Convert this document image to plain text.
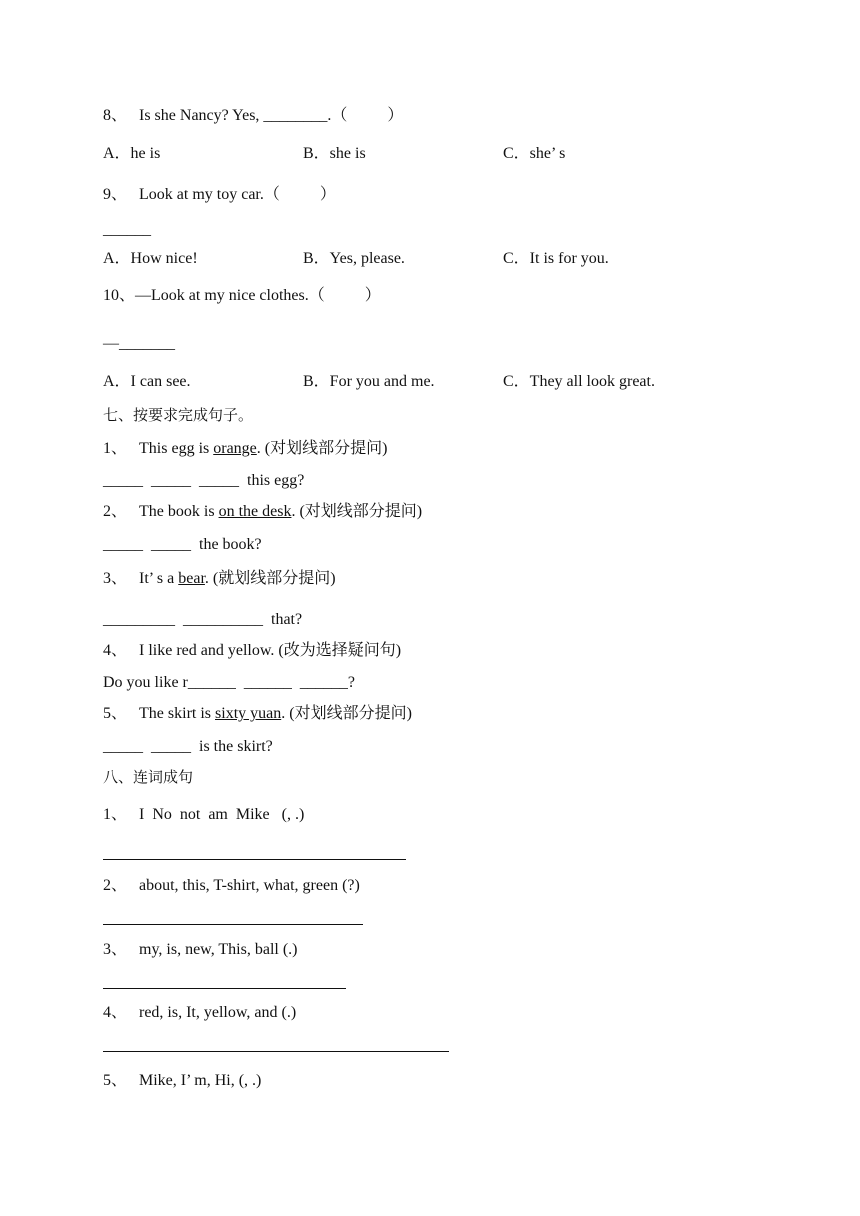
8、   Is she Nancy? Yes, ________.（          ）
A．he is	B．she is	C．she’ s
9、   Look at my toy car.（          ）
______
A．How nice!	B．Yes, please.	C．It is for you.
10、—Look at my nice clothes.（          ）
—_______
A．I can see.	B．For you and me.	C．They all look great.
七、按要求完成句子。
1、   This egg is orange. (对划线部分提问)
_____  _____  _____  this egg?
2、   The book is on the desk. (对划线部分提问)
_____  _____  the book?
3、   It’ s a bear. (就划线部分提问)
_________  __________  that?
4、   I like red and yellow. (改为选择疑问句)
Do you like r______  ______  ______?
5、   The skirt is sixty yuan. (对划线部分提问)
_____  _____  is the skirt?
八、连词成句
1、   I  No  not  am  Mike   (, .)
2、   about, this, T-shirt, what, green (?)
3、   my, is, new, This, ball (.)
4、   red, is, It, yellow, and (.)
5、   Mike, I’ m, Hi, (, .)
